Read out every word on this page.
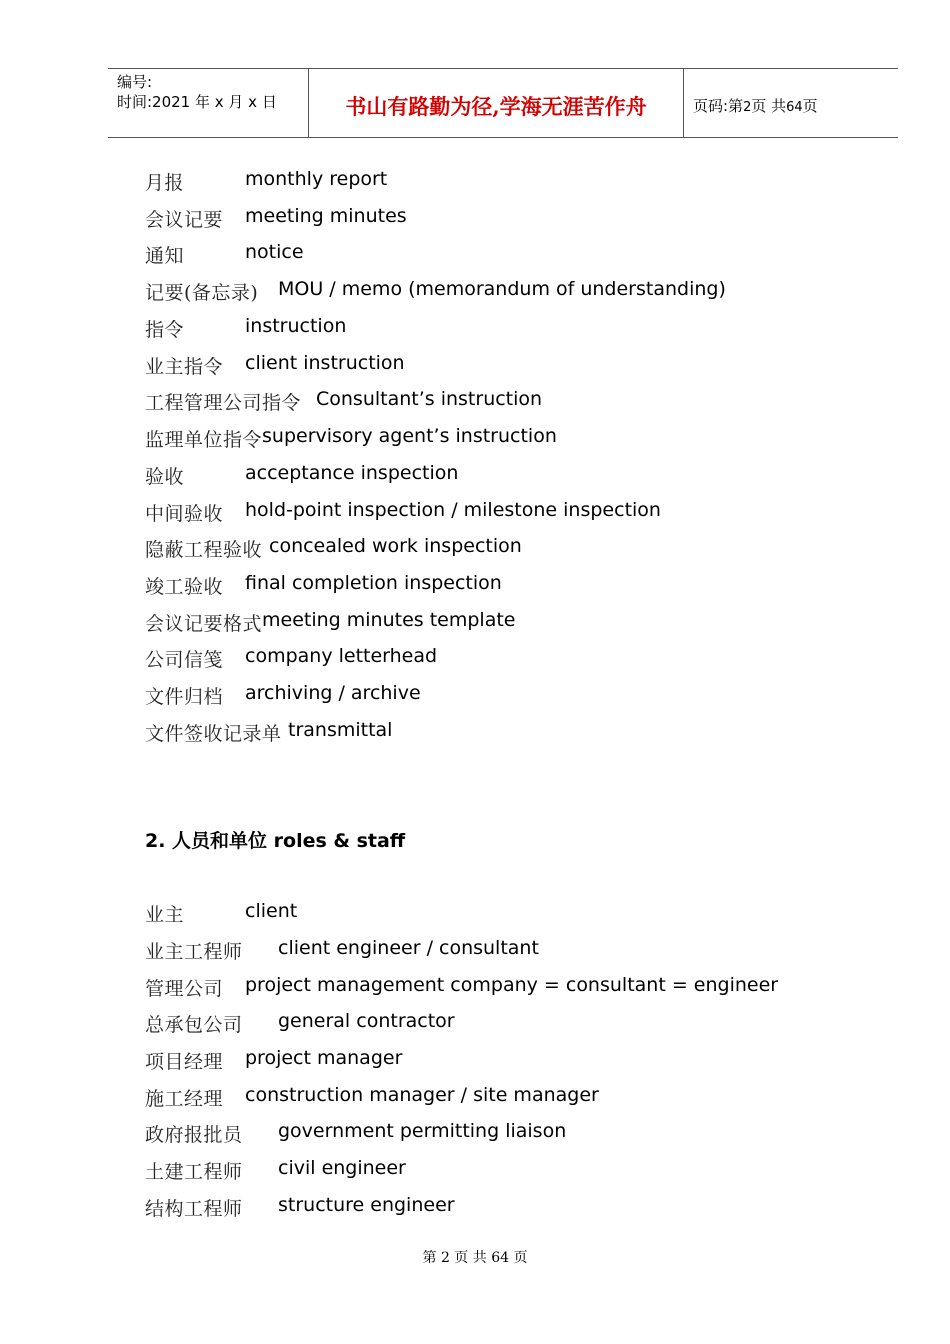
编号:
时间:2021 年 x 月 x 日	书山有路勤为径,学海无涯苦作舟	页码:第2页 共64页
月报	monthly report
会议记要 meeting minutes
通知	notice
记要(备忘录) MOU / memo (memorandum of understanding)
指令	instruction
业主指令 client instruction
工程管理公司指令 Consultant’s instruction
监理单位指令 supervisory agent’s instruction
验收	acceptance inspection
中间验收 hold-point inspection / milestone inspection
隐蔽工程验收 concealed work inspection
竣工验收 final completion inspection
会议记要格式 meeting minutes template
公司信笺 company letterhead
文件归档 archiving / archive
文件签收记录单 transmittal
2. 人员和单位 roles & staff
业主	client
业主工程师 client engineer / consultant
管理公司 project management company = consultant = engineer
总承包公司 general contractor
项目经理 project manager
施工经理 construction manager / site manager
政府报批员 government permitting liaison
土建工程师 civil engineer
结构工程师 structure engineer
第 2 页 共 64 页
